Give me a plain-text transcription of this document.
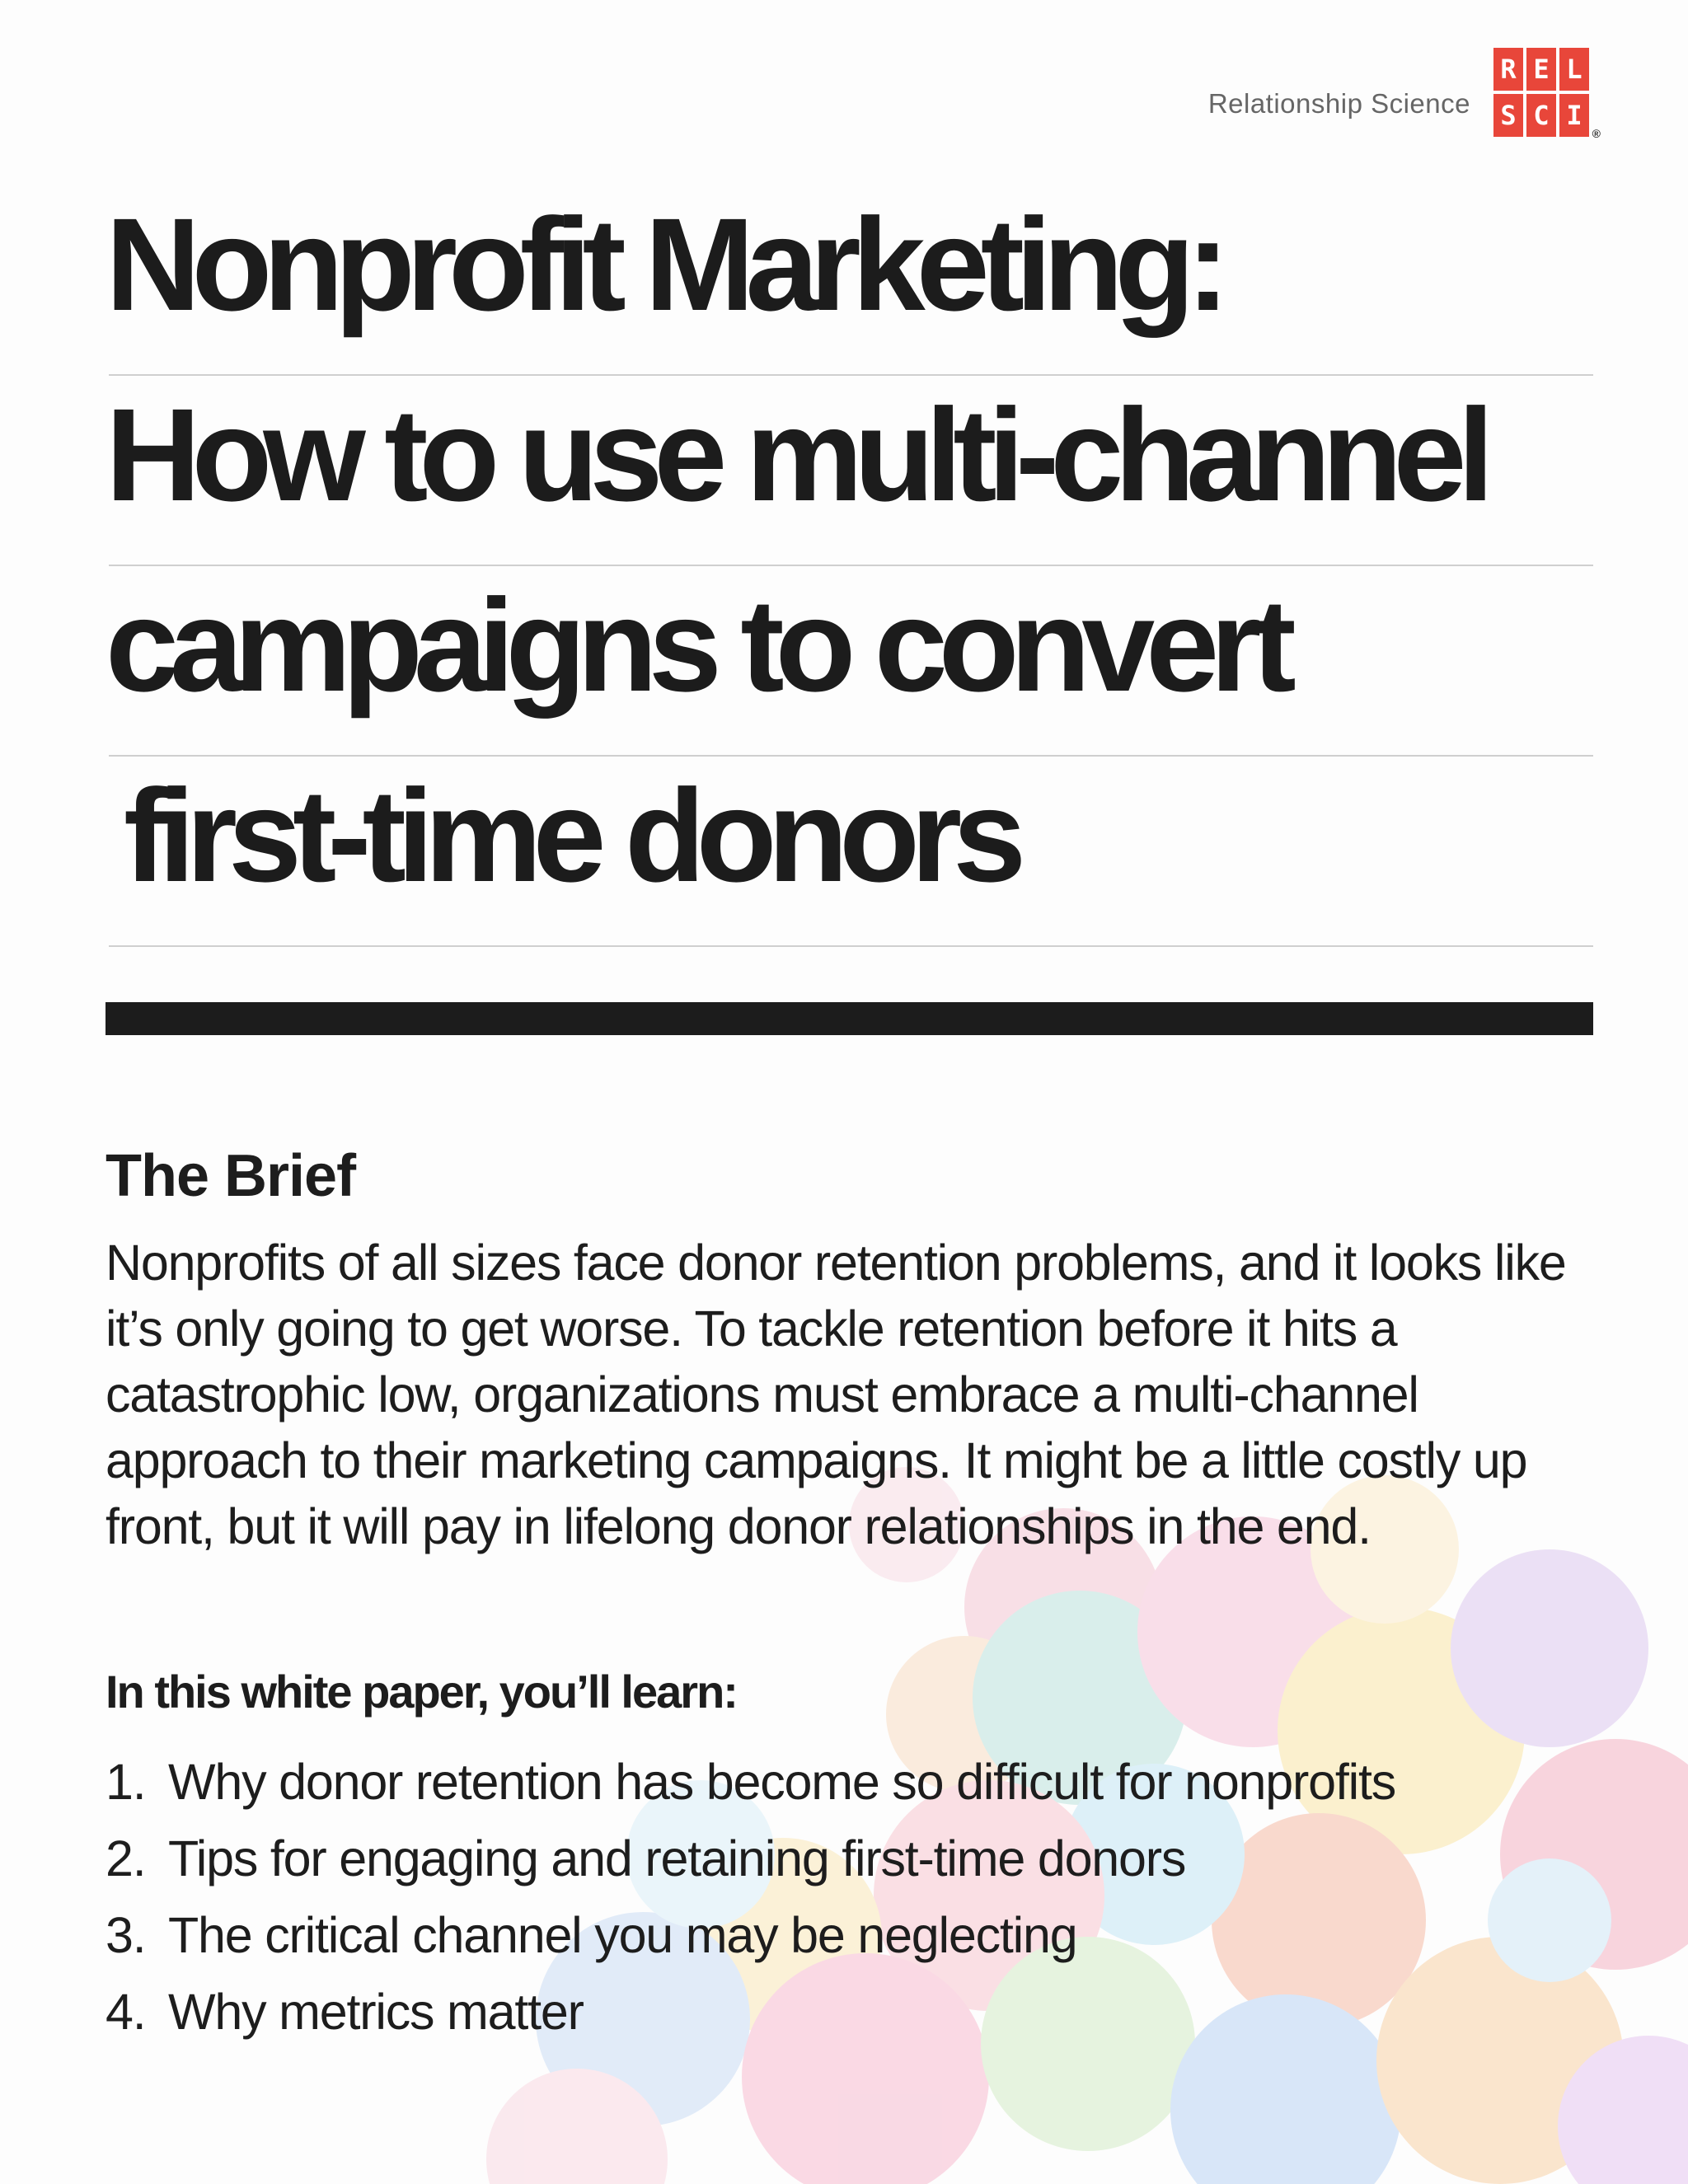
Relationship Science
R E L
S C I
®
Nonprofit Marketing:
How to use multi-channel
campaigns to convert
first-time donors
The Brief

Nonprofits of all sizes face donor retention problems, and it looks like it’s only going to get worse. To tackle retention before it hits a catastrophic low, organizations must embrace a multi-channel approach to their marketing campaigns. It might be a little costly up front, but it will pay in lifelong donor relationships in the end.

In this white paper, you’ll learn:
1. Why donor retention has become so difficult for nonprofits
2. Tips for engaging and retaining first-time donors
3. The critical channel you may be neglecting
4. Why metrics matter
